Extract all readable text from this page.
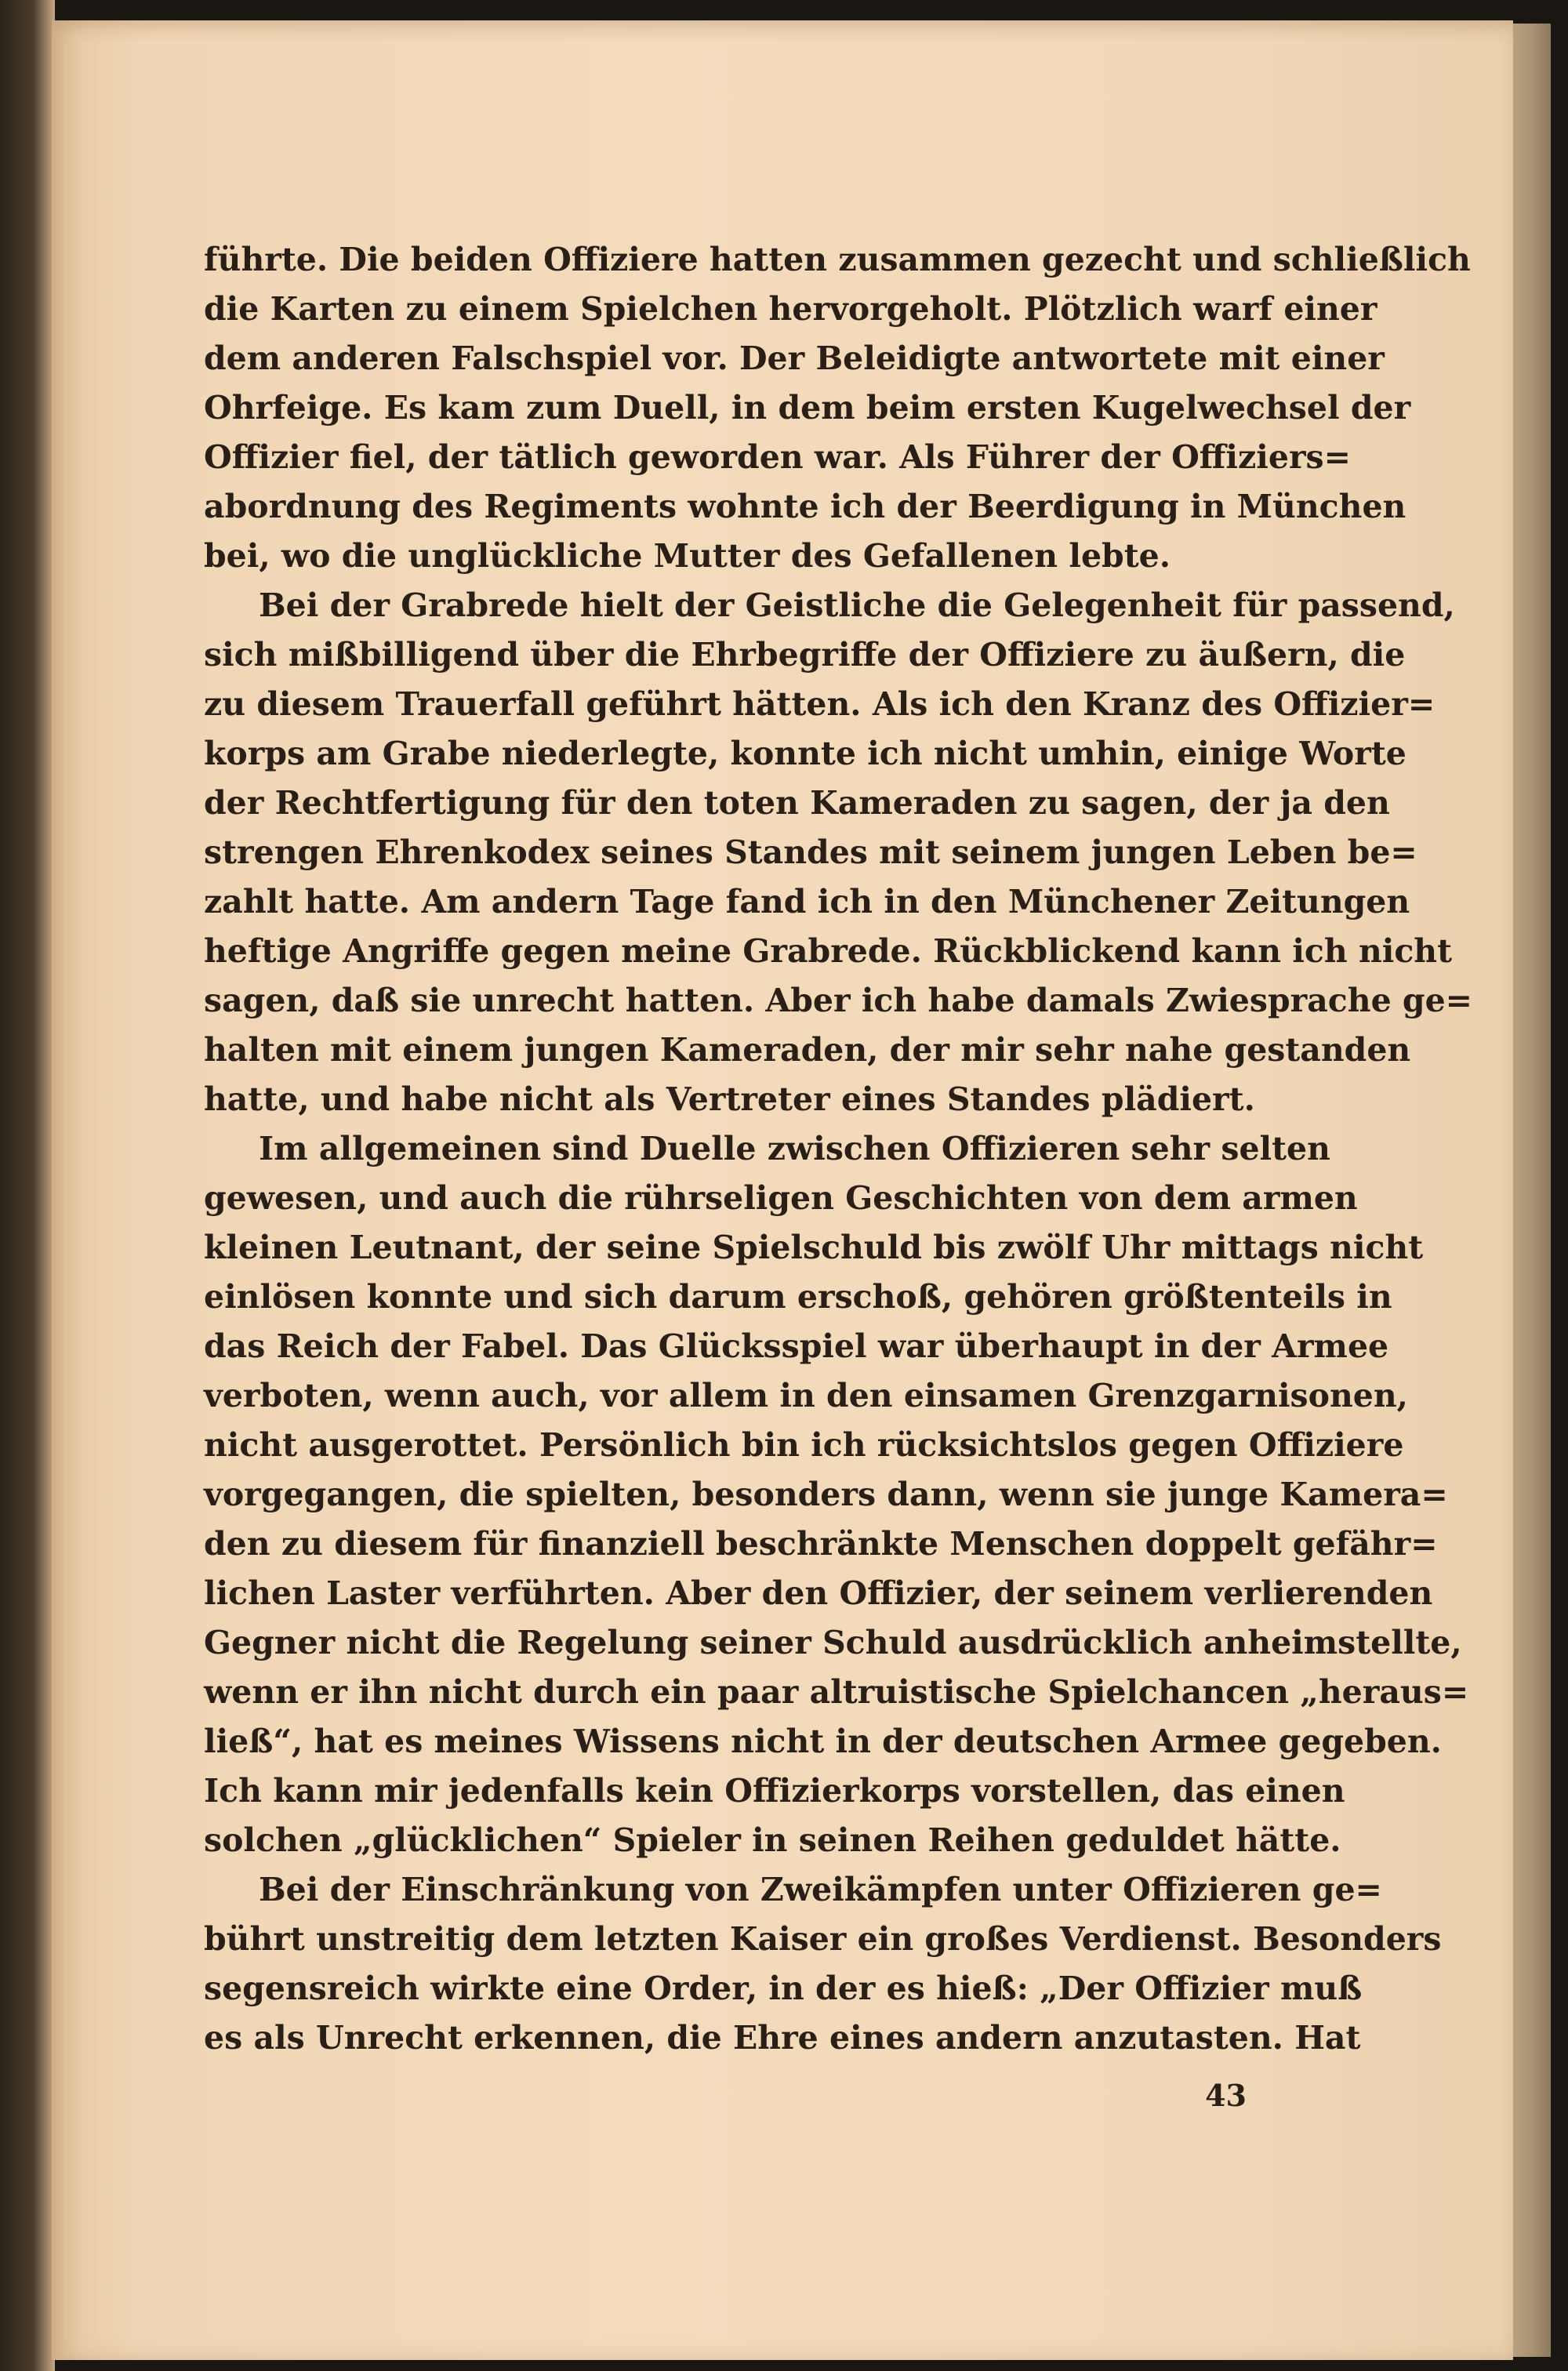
führte. Die beiden Offiziere hatten zusammen gezecht und schließlich
die Karten zu einem Spielchen hervorgeholt. Plötzlich warf einer
dem anderen Falschspiel vor. Der Beleidigte antwortete mit einer
Ohrfeige. Es kam zum Duell, in dem beim ersten Kugelwechsel der
Offizier fiel, der tätlich geworden war. Als Führer der Offiziers=
abordnung des Regiments wohnte ich der Beerdigung in München
bei, wo die unglückliche Mutter des Gefallenen lebte.
Bei der Grabrede hielt der Geistliche die Gelegenheit für passend,
sich mißbilligend über die Ehrbegriffe der Offiziere zu äußern, die
zu diesem Trauerfall geführt hätten. Als ich den Kranz des Offizier=
korps am Grabe niederlegte, konnte ich nicht umhin, einige Worte
der Rechtfertigung für den toten Kameraden zu sagen, der ja den
strengen Ehrenkodex seines Standes mit seinem jungen Leben be=
zahlt hatte. Am andern Tage fand ich in den Münchener Zeitungen
heftige Angriffe gegen meine Grabrede. Rückblickend kann ich nicht
sagen, daß sie unrecht hatten. Aber ich habe damals Zwiesprache ge=
halten mit einem jungen Kameraden, der mir sehr nahe gestanden
hatte, und habe nicht als Vertreter eines Standes plädiert.
Im allgemeinen sind Duelle zwischen Offizieren sehr selten
gewesen, und auch die rührseligen Geschichten von dem armen
kleinen Leutnant, der seine Spielschuld bis zwölf Uhr mittags nicht
einlösen konnte und sich darum erschoß, gehören größtenteils in
das Reich der Fabel. Das Glücksspiel war überhaupt in der Armee
verboten, wenn auch, vor allem in den einsamen Grenzgarnisonen,
nicht ausgerottet. Persönlich bin ich rücksichtslos gegen Offiziere
vorgegangen, die spielten, besonders dann, wenn sie junge Kamera=
den zu diesem für finanziell beschränkte Menschen doppelt gefähr=
lichen Laster verführten. Aber den Offizier, der seinem verlierenden
Gegner nicht die Regelung seiner Schuld ausdrücklich anheimstellte,
wenn er ihn nicht durch ein paar altruistische Spielchancen „heraus=
ließ“, hat es meines Wissens nicht in der deutschen Armee gegeben.
Ich kann mir jedenfalls kein Offizierkorps vorstellen, das einen
solchen „glücklichen“ Spieler in seinen Reihen geduldet hätte.
Bei der Einschränkung von Zweikämpfen unter Offizieren ge=
bührt unstreitig dem letzten Kaiser ein großes Verdienst. Besonders
segensreich wirkte eine Order, in der es hieß: „Der Offizier muß
es als Unrecht erkennen, die Ehre eines andern anzutasten. Hat
43
